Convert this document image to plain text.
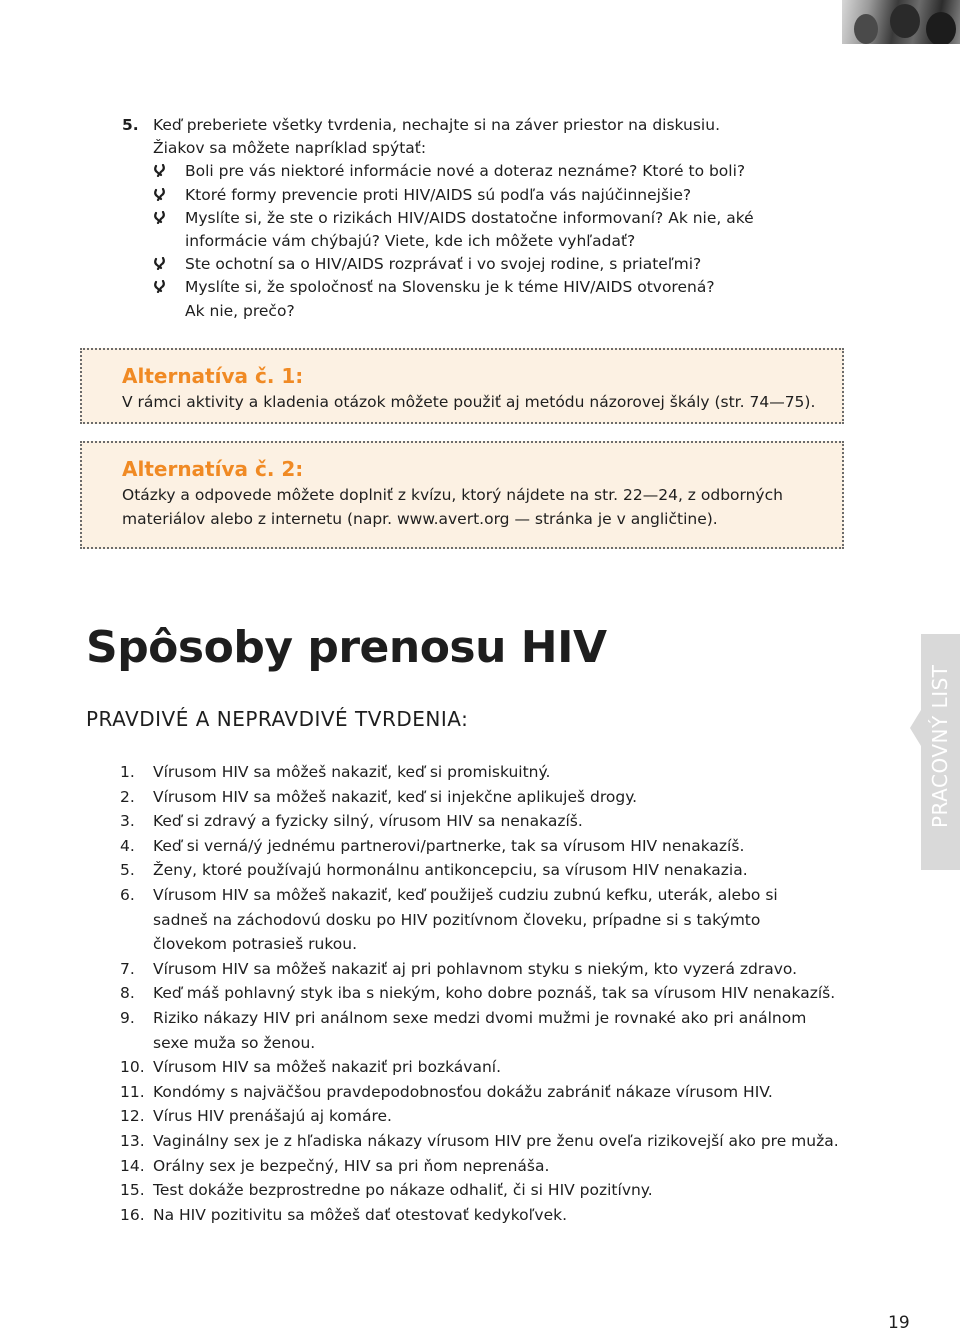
5. Keď preberiete všetky tvrdenia, nechajte si na záver priestor na diskusiu.
Žiakov sa môžete napríklad spýtať:
Boli pre vás niektoré informácie nové a doteraz neznáme? Ktoré to boli?
Ktoré formy prevencie proti HIV/AIDS sú podľa vás najúčinnejšie?
Myslíte si, že ste o rizikách HIV/AIDS dostatočne informovaní? Ak nie, aké
informácie vám chýbajú? Viete, kde ich môžete vyhľadať?
Ste ochotní sa o HIV/AIDS rozprávať i vo svojej rodine, s priateľmi?
Myslíte si, že spoločnosť na Slovensku je k téme HIV/AIDS otvorená?
Ak nie, prečo?
Alternatíva č. 1:
V rámci aktivity a kladenia otázok môžete použiť aj metódu názorovej škály (str. 74—75).
Alternatíva č. 2:
Otázky a odpovede môžete doplniť z kvízu, ktorý nájdete na str. 22—24, z odborných
materiálov alebo z internetu (napr. www.avert.org — stránka je v angličtine).
Spôsoby prenosu HIV
PRAVDIVÉ A NEPRAVDIVÉ TVRDENIA:
1. Vírusom HIV sa môžeš nakaziť, keď si promiskuitný.
2. Vírusom HIV sa môžeš nakaziť, keď si injekčne aplikuješ drogy.
3. Keď si zdravý a fyzicky silný, vírusom HIV sa nenakazíš.
4. Keď si verná/ý jednému partnerovi/partnerke, tak sa vírusom HIV nenakazíš.
5. Ženy, ktoré používajú hormonálnu antikoncepciu, sa vírusom HIV nenakazia.
6. Vírusom HIV sa môžeš nakaziť, keď použiješ cudziu zubnú kefku, uterák, alebo si
sadneš na záchodovú dosku po HIV pozitívnom človeku, prípadne si s takýmto
človekom potrasieš rukou.
7. Vírusom HIV sa môžeš nakaziť aj pri pohlavnom styku s niekým, kto vyzerá zdravo.
8. Keď máš pohlavný styk iba s niekým, koho dobre poznáš, tak sa vírusom HIV nenakazíš.
9. Riziko nákazy HIV pri análnom sexe medzi dvomi mužmi je rovnaké ako pri análnom
sexe muža so ženou.
10. Vírusom HIV sa môžeš nakaziť pri bozkávaní.
11. Kondómy s najväčšou pravdepodobnosťou dokážu zabrániť nákaze vírusom HIV.
12. Vírus HIV prenášajú aj komáre.
13. Vaginálny sex je z hľadiska nákazy vírusom HIV pre ženu oveľa rizikovejší ako pre muža.
14. Orálny sex je bezpečný, HIV sa pri ňom neprenáša.
15. Test dokáže bezprostredne po nákaze odhaliť, či si HIV pozitívny.
16. Na HIV pozitivitu sa môžeš dať otestovať kedykoľvek.
PRACOVNÝ LIST
19
